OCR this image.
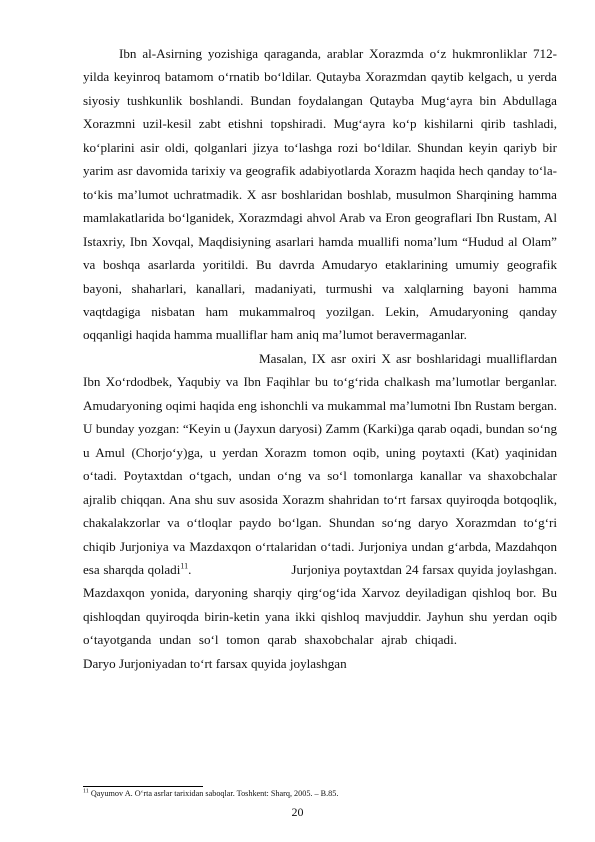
Ibn al-Asirning yozishiga qaraganda, arablar Xorazmda o‘z hukmronliklar 712-yilda keyinroq batamom o‘rnatib bo‘ldilar. Qutayba Xorazmdan qaytib kelgach, u yerda siyosiy tushkunlik boshlandi. Bundan foydalangan Qutayba Mug‘ayra bin Abdullaga Xorazmni uzil-kesil zabt etishni topshiradi. Mug‘ayra ko‘p kishilarni qirib tashladi, ko‘plarini asir oldi, qolganlari jizya to‘lashga rozi bo‘ldilar. Shundan keyin qariyb bir yarim asr davomida tarixiy va geografik adabiyotlarda Xorazm haqida hech qanday to‘la-to‘kis ma’lumot uchratmadik. X asr boshlaridan boshlab, musulmon Sharqining hamma mamlakatlarida bo‘lganidek, Xorazmdagi ahvol Arab va Eron geograflari Ibn Rustam, Al Istaxriy, Ibn Xovqal, Maqdisiyning asarlari hamda muallifi noma’lum “Hudud al Olam” va boshqa asarlarda yoritildi. Bu davrda Amudaryo etaklarining umumiy geografik bayoni, shaharlari, kanallari, madaniyati, turmushi va xalqlarning bayoni hamma vaqtdagiga nisbatan ham mukammalroq yozilgan. Lekin, Amudaryoning qanday oqqanligi haqida hamma mualliflar ham aniq ma’lumot beravermaganlar.

Masalan, IX asr oxiri X asr boshlaridagi mualliflardan Ibn Xo‘rdodbek, Yaqubiy va Ibn Faqihlar bu to‘g‘rida chalkash ma’lumotlar berganlar. Amudaryoning oqimi haqida eng ishonchli va mukammal ma’lumotni Ibn Rustam bergan. U bunday yozgan: “Keyin u (Jayxun daryosi) Zamm (Karki)ga qarab oqadi, bundan so‘ng u Amul (Chorjo‘y)ga, u yerdan Xorazm tomon oqib, uning poytaxti (Kat) yaqinidan o‘tadi. Poytaxtdan o‘tgach, undan o‘ng va so‘l tomonlarga kanallar va shaxobchalar ajralib chiqqan. Ana shu suv asosida Xorazm shahridan to‘rt farsax quyiroqda botqoqlik, chakalakzorlar va o‘tloqlar paydo bo‘lgan. Shundan so‘ng daryo Xorazmdan to‘g‘ri chiqib Jurjoniya va Mazdaxqon o‘rtalaridan o‘tadi. Jurjoniya undan g‘arbda, Mazdahqon esa sharqda qoladi$^{11}$.	Jurjoniya poytaxtdan 24 farsax quyida joylashgan. Mazdaxqon yonida, daryoning sharqiy qirg‘og‘ida Xarvoz deyiladigan qishloq bor. Bu qishloqdan quyiroqda birin-ketin yana ikki qishloq mavjuddir. Jayhun shu yerdan oqib o‘tayotganda undan so‘l tomon qarab shaxobchalar ajrab chiqadi.Daryo Jurjoniyadan to‘rt farsax quyida joylashgan

$^{11}$ Qayumov A. O‘rta asrlar tarixidan saboqlar. Toshkent: Sharq, 2005. – B.85.
20
